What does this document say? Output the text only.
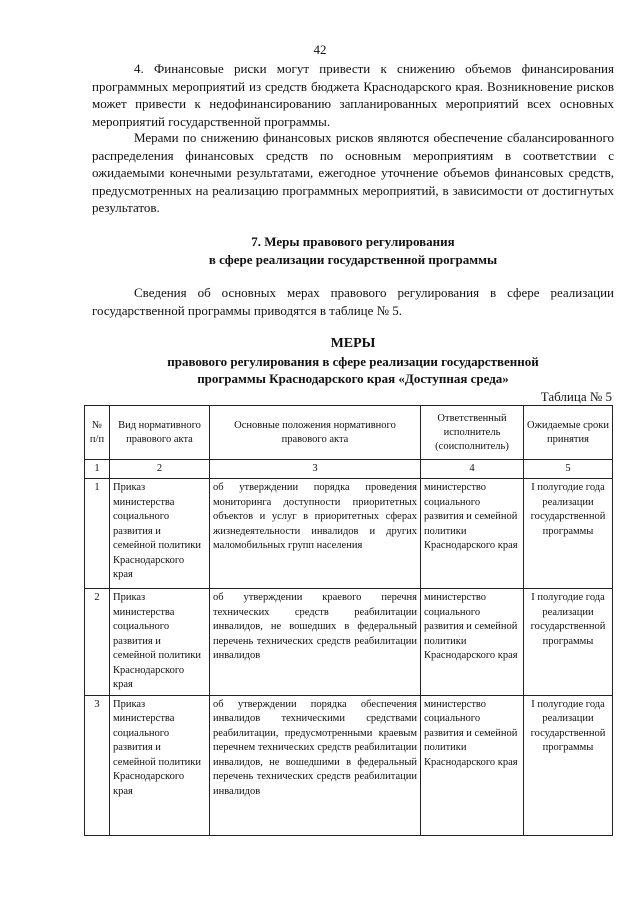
42

4. Финансовые риски могут привести к снижению объемов финансирования программных мероприятий из средств бюджета Краснодарского края. Возникновение рисков может привести к недофинансированию запланированных мероприятий всех основных мероприятий государственной программы.

Мерами по снижению финансовых рисков являются обеспечение сбалансированного распределения финансовых средств по основным мероприятиям в соответствии с ожидаемыми конечными результатами, ежегодное уточнение объемов финансовых средств, предусмотренных на реализацию программных мероприятий, в зависимости от достигнутых результатов.

7. Меры правового регулирования
в сфере реализации государственной программы

Сведения об основных мерах правового регулирования в сфере реализации государственной программы приводятся в таблице № 5.

МЕРЫ
правового регулирования в сфере реализации государственной
программы Краснодарского края «Доступная среда»
Таблица № 5
№ п/п	Вид нормативного правового акта	Основные положения нормативного правового акта	Ответственный исполнитель (соисполнитель)	Ожидаемые сроки принятия
1	2	3	4	5
1	Приказ министерства социального развития и семейной политики Краснодарского края	об утверждении порядка проведения мониторинга доступности приоритетных объектов и услуг в приоритетных сферах жизнедеятельности инвалидов и других маломобильных групп населения	министерство социального развития и семейной политики Краснодарского края	I полугодие года реализации государственной программы
2	Приказ министерства социального развития и семейной политики Краснодарского края	об утверждении краевого перечня технических средств реабилитации инвалидов, не вошедших в федеральный перечень технических средств реабилитации инвалидов	министерство социального развития и семейной политики Краснодарского края	I полугодие года реализации государственной программы
3	Приказ министерства социального развития и семейной политики Краснодарского края	об утверждении порядка обеспечения инвалидов техническими средствами реабилитации, предусмотренными краевым перечнем технических средств реабилитации инвалидов, не вошедшими в федеральный перечень технических средств реабилитации инвалидов	министерство социального развития и семейной политики Краснодарского края	I полугодие года реализации государственной программы
